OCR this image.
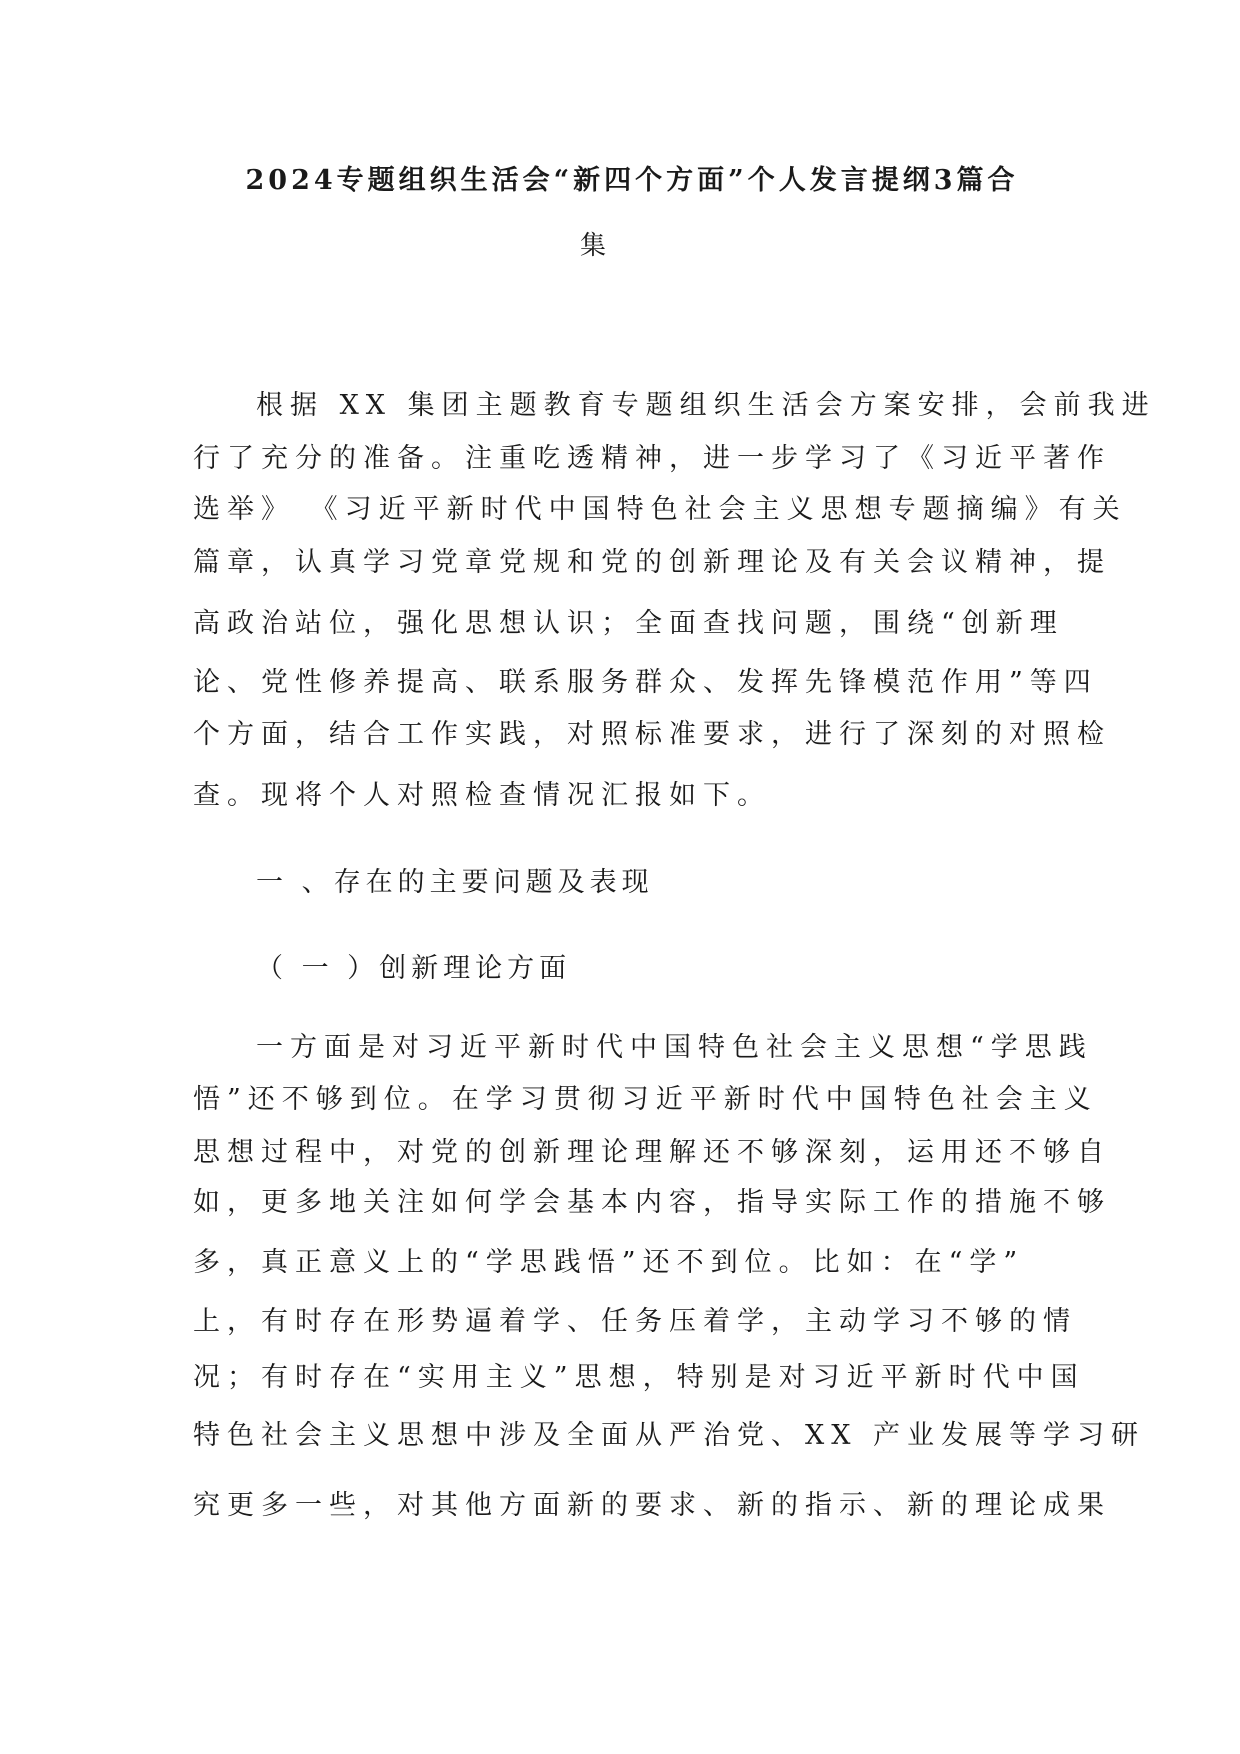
2024专题组织生活会“新四个方面”个人发言提纲3篇合
集
根据 XX 集团主题教育专题组织生活会方案安排，会前我进
行了充分的准备。注重吃透精神，进一步学习了《习近平著作
选举》 《习近平新时代中国特色社会主义思想专题摘编》有关
篇章，认真学习党章党规和党的创新理论及有关会议精神，提
高政治站位，强化思想认识；全面查找问题，围绕“创新理
论、党性修养提高、联系服务群众、发挥先锋模范作用”等四
个方面，结合工作实践，对照标准要求，进行了深刻的对照检
查。现将个人对照检查情况汇报如下。
一 、存在的主要问题及表现
（ 一 ）创新理论方面
一方面是对习近平新时代中国特色社会主义思想“学思践
悟”还不够到位。在学习贯彻习近平新时代中国特色社会主义
思想过程中，对党的创新理论理解还不够深刻，运用还不够自
如，更多地关注如何学会基本内容，指导实际工作的措施不够
多，真正意义上的“学思践悟”还不到位。比如：在“学”
上，有时存在形势逼着学、任务压着学，主动学习不够的情
况；有时存在“实用主义”思想，特别是对习近平新时代中国
特色社会主义思想中涉及全面从严治党、XX 产业发展等学习研
究更多一些，对其他方面新的要求、新的指示、新的理论成果
